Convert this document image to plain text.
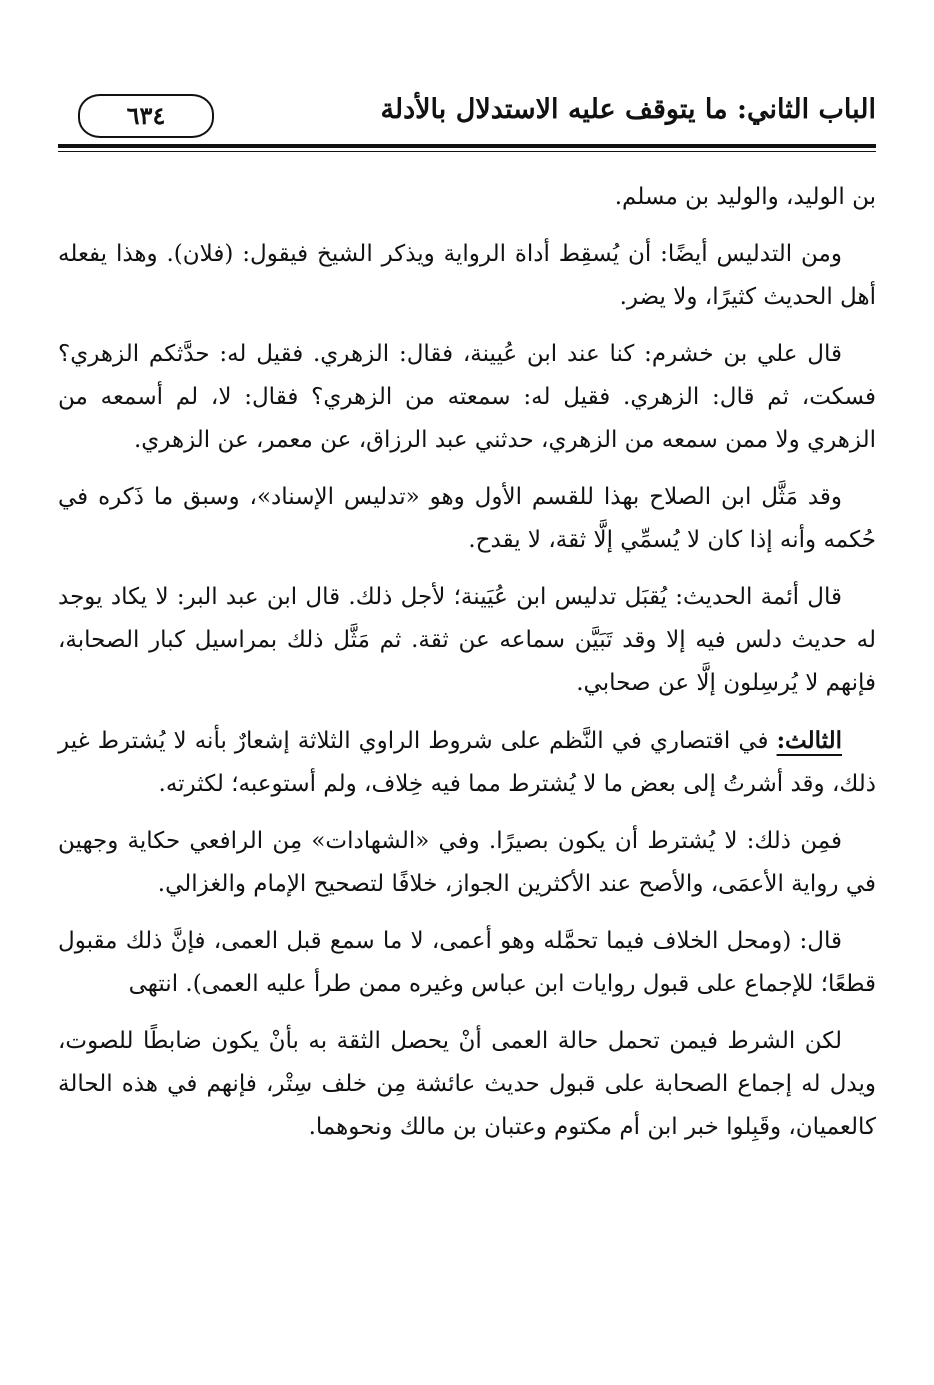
الباب الثاني: ما يتوقف عليه الاستدلال بالأدلة
٦٣٤

بن الوليد، والوليد بن مسلم.

ومن التدليس أيضًا: أن يُسقِط أداة الرواية ويذكر الشيخ فيقول: (فلان). وهذا يفعله أهل الحديث كثيرًا، ولا يضر.

قال علي بن خشرم: كنا عند ابن عُيينة، فقال: الزهري. فقيل له: حدَّثكم الزهري؟ فسكت، ثم قال: الزهري. فقيل له: سمعته من الزهري؟ فقال: لا، لم أسمعه من الزهري ولا ممن سمعه من الزهري، حدثني عبد الرزاق، عن معمر، عن الزهري.

وقد مَثَّل ابن الصلاح بهذا للقسم الأول وهو «تدليس الإسناد»، وسبق ما ذَكره في حُكمه وأنه إذا كان لا يُسمِّي إلَّا ثقة، لا يقدح.

قال أئمة الحديث: يُقبَل تدليس ابن عُيَينة؛ لأجل ذلك. قال ابن عبد البر: لا يكاد يوجد له حديث دلس فيه إلا وقد تَبَيَّن سماعه عن ثقة. ثم مَثَّل ذلك بمراسيل كبار الصحابة، فإنهم لا يُرسِلون إلَّا عن صحابي.

الثالث: في اقتصاري في النَّظم على شروط الراوي الثلاثة إشعارٌ بأنه لا يُشترط غير ذلك، وقد أشرتُ إلى بعض ما لا يُشترط مما فيه خِلاف، ولم أستوعبه؛ لكثرته.

فمِن ذلك: لا يُشترط أن يكون بصيرًا. وفي «الشهادات» مِن الرافعي حكاية وجهين في رواية الأعمَى، والأصح عند الأكثرين الجواز، خلافًا لتصحيح الإمام والغزالي.

قال: (ومحل الخلاف فيما تحمَّله وهو أعمى، لا ما سمع قبل العمى، فإنَّ ذلك مقبول قطعًا؛ للإجماع على قبول روايات ابن عباس وغيره ممن طرأ عليه العمى). انتهى

لكن الشرط فيمن تحمل حالة العمى أنْ يحصل الثقة به بأنْ يكون ضابطًا للصوت، ويدل له إجماع الصحابة على قبول حديث عائشة مِن خلف سِتْر، فإنهم في هذه الحالة كالعميان، وقَبِلوا خبر ابن أم مكتوم وعتبان بن مالك ونحوهما.
